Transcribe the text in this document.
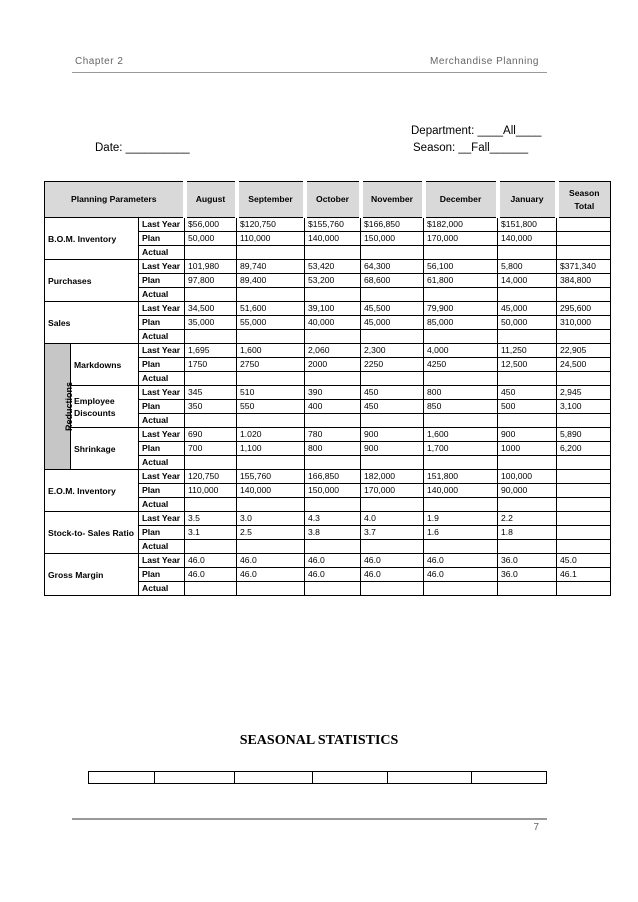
Chapter 2	Merchandise Planning
Department: ____All____
Date: __________	Season: __Fall______
Planning Parameters			August	September	October	November	December	January	Season Total
B.O.M. Inventory		Last Year	$56,000	$120,750	$155,760	$166,850	$182,000	$151,800	

		Plan	50,000	110,000	140,000	150,000	170,000	140,000	
		Actual							
Purchases		Last Year	101,980	89,740	53,420	64,300	56,100	5,800	$371,340

		Plan	97,800	89,400	53,200	68,600	61,800	14,000	384,800
		Actual							
Sales		Last Year	34,500	51,600	39,100	45,500	79,900	45,000	295,600

		Plan	35,000	55,000	40,000	45,000	85,000	50,000	310,000
		Actual							
Reductions	Markdowns	Last Year	1,695	1,600	2,060	2,300	4,000	11,250	22,905

		Plan	1750	2750	2000	2250	4250	12,500	24,500
		Actual							
	Employee Discounts	Last Year	345	510	390	450	800	450	2,945

		Plan	350	550	400	450	850	500	3,100
		Actual							
	Shrinkage	Last Year	690	1.020	780	900	1,600	900	5,890

		Plan	700	1,100	800	900	1,700	1000	6,200
		Actual							
E.O.M. Inventory		Last Year	120,750	155,760	166,850	182,000	151,800	100,000	

		Plan	110,000	140,000	150,000	170,000	140,000	90,000	
		Actual							
Stock-to- Sales Ratio		Last Year	3.5	3.0	4.3	4.0	1.9	2.2	

		Plan	3.1	2.5	3.8	3.7	1.6	1.8	
		Actual							
Gross Margin		Last Year	46.0	46.0	46.0	46.0	46.0	36.0	45.0

		Plan	46.0	46.0	46.0	46.0	46.0	36.0	46.1
		Actual							
SEASONAL STATISTICS

7
